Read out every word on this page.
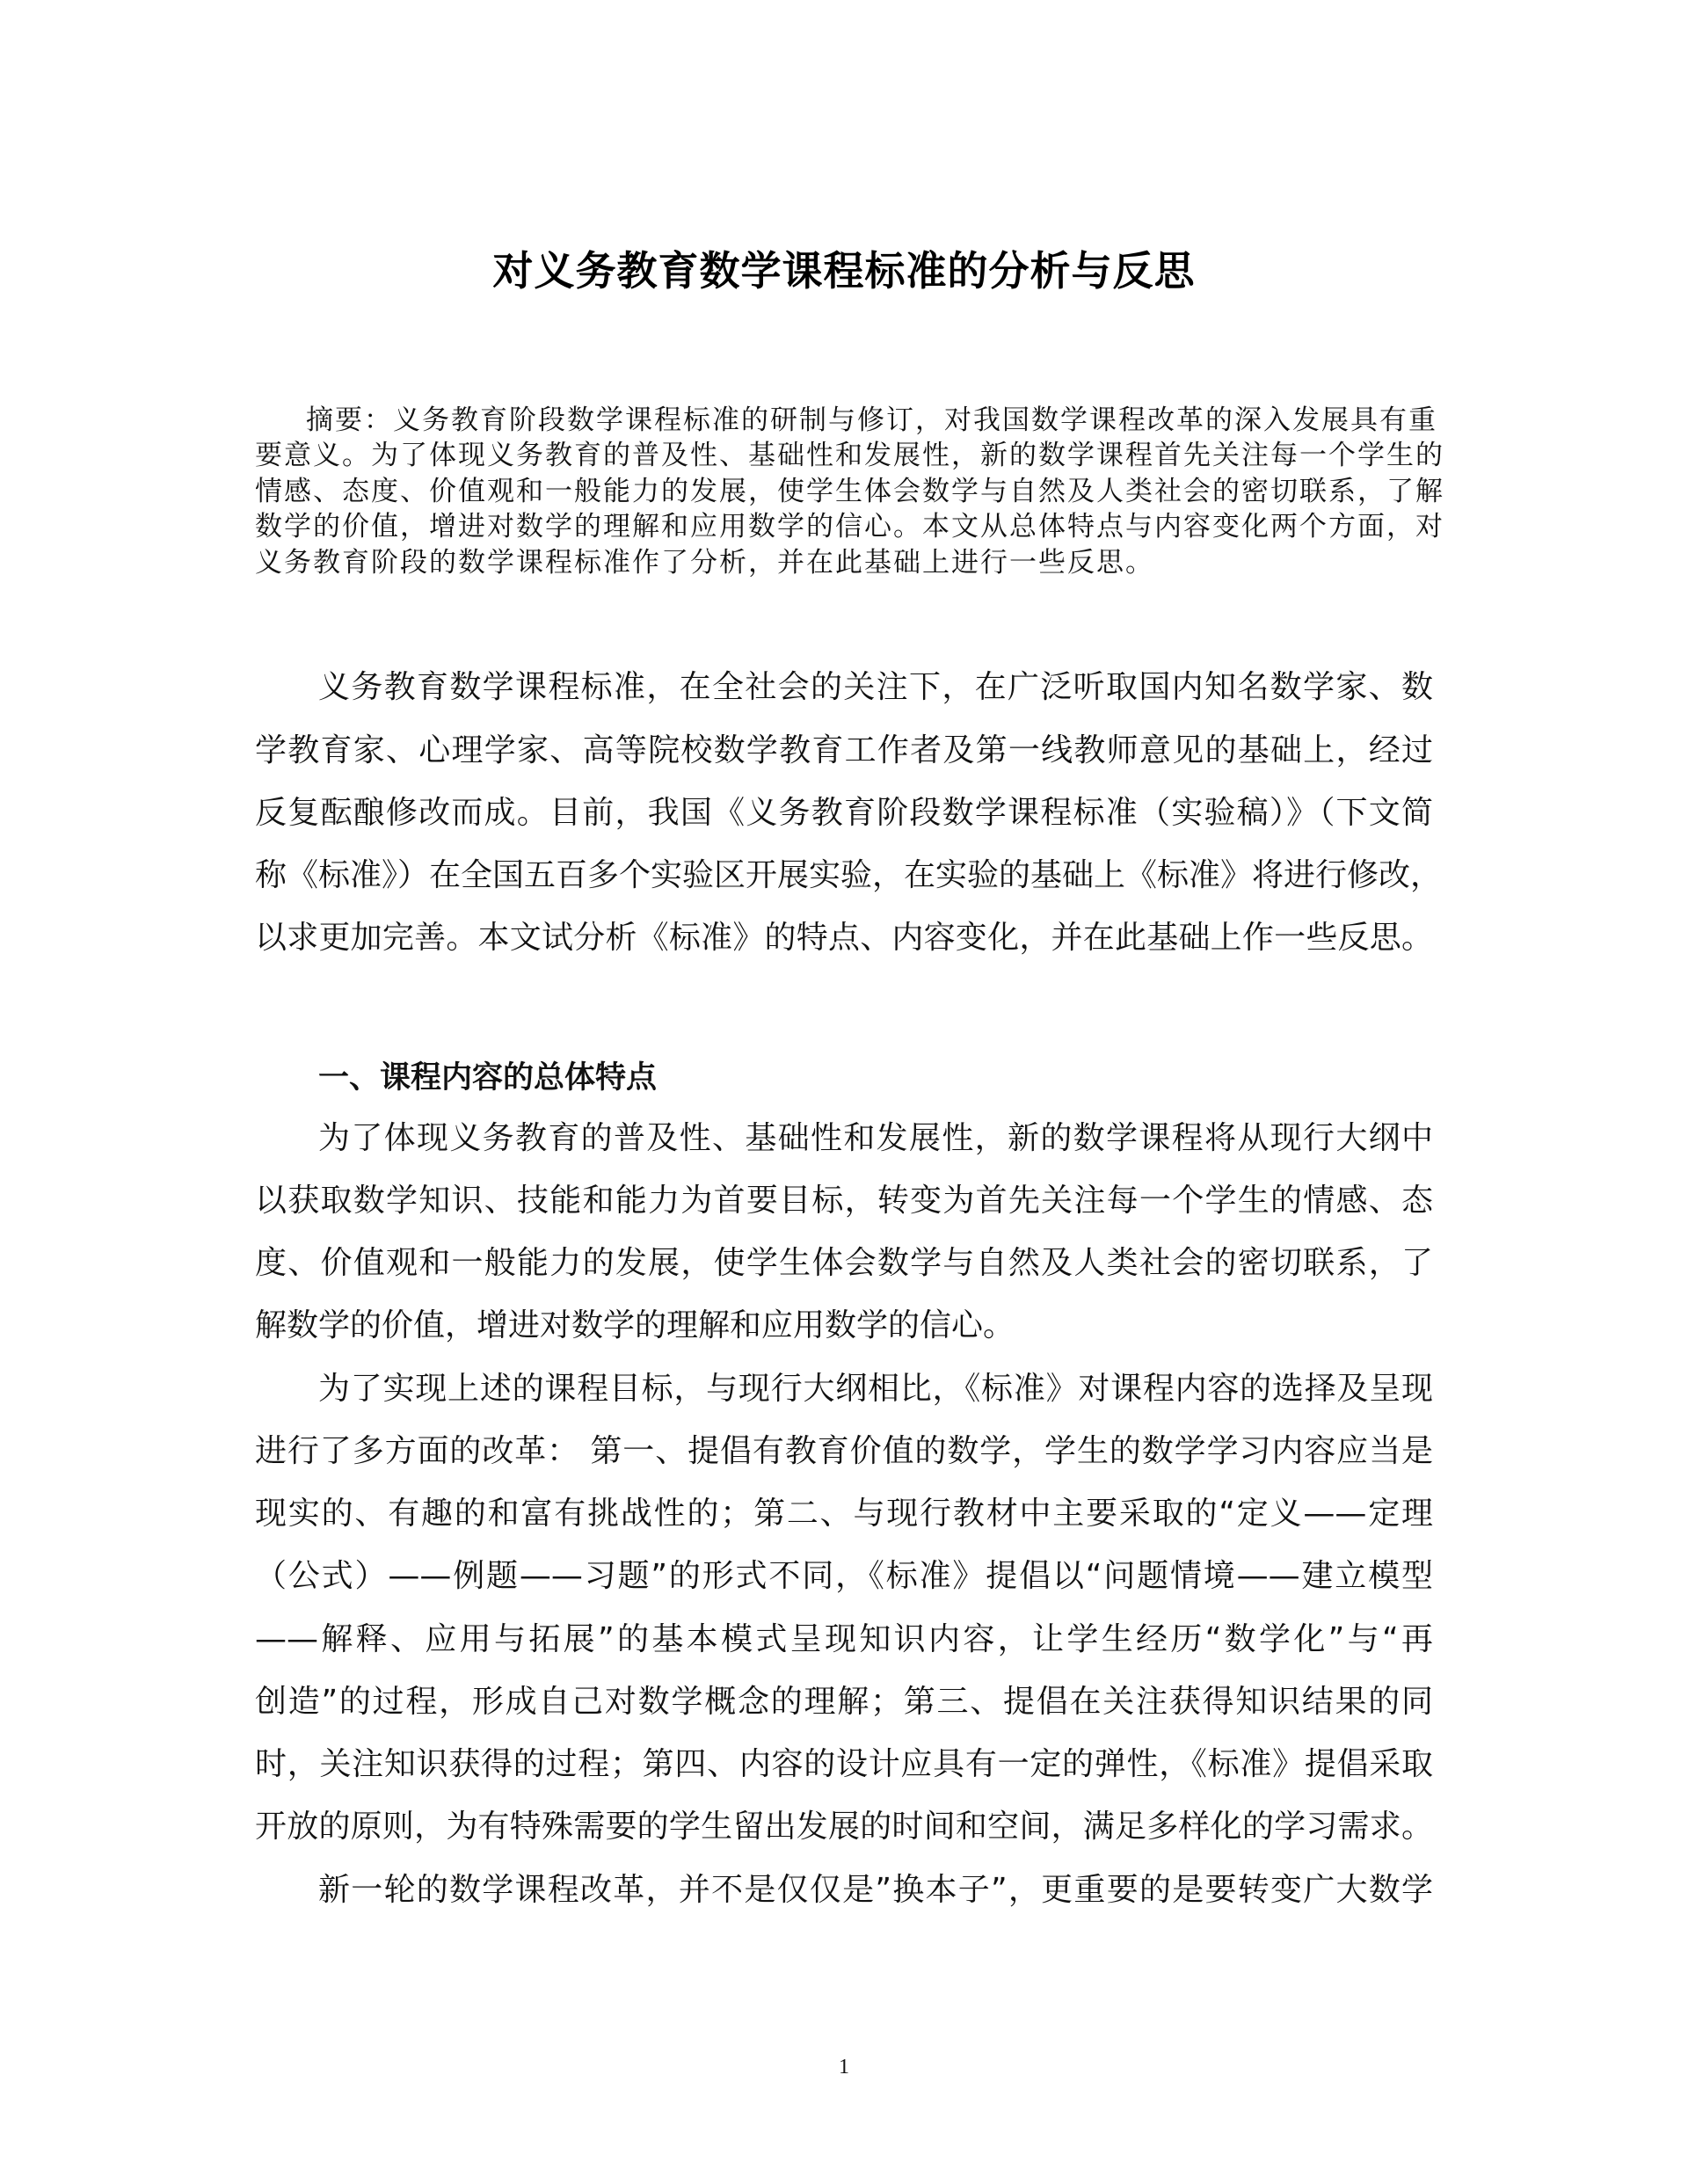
对义务教育数学课程标准的分析与反思
摘要：义务教育阶段数学课程标准的研制与修订，对我国数学课程改革的深入发展具有重
要意义。为了体现义务教育的普及性、基础性和发展性，新的数学课程首先关注每一个学生的
情感、态度、价值观和一般能力的发展，使学生体会数学与自然及人类社会的密切联系，了解
数学的价值，增进对数学的理解和应用数学的信心。本文从总体特点与内容变化两个方面，对
义务教育阶段的数学课程标准作了分析，并在此基础上进行一些反思。
义务教育数学课程标准，在全社会的关注下，在广泛听取国内知名数学家、数
学教育家、心理学家、高等院校数学教育工作者及第一线教师意见的基础上，经过
反复酝酿修改而成。目前，我国《义务教育阶段数学课程标准（实验稿）》（下文简
称《标准》）在全国五百多个实验区开展实验，在实验的基础上《标准》将进行修改，
以求更加完善。本文试分析《标准》的特点、内容变化，并在此基础上作一些反思。
一、课程内容的总体特点
为了体现义务教育的普及性、基础性和发展性，新的数学课程将从现行大纲中
以获取数学知识、技能和能力为首要目标，转变为首先关注每一个学生的情感、态
度、价值观和一般能力的发展，使学生体会数学与自然及人类社会的密切联系，了
解数学的价值，增进对数学的理解和应用数学的信心。
为了实现上述的课程目标，与现行大纲相比，《标准》对课程内容的选择及呈现
进行了多方面的改革： 第一、提倡有教育价值的数学，学生的数学学习内容应当是
现实的、有趣的和富有挑战性的；第二、与现行教材中主要采取的“定义——定理
（公式）——例题——习题”的形式不同，《标准》提倡以“问题情境——建立模型
——解释、应用与拓展”的基本模式呈现知识内容，让学生经历“数学化”与“再
创造”的过程，形成自己对数学概念的理解；第三、提倡在关注获得知识结果的同
时，关注知识获得的过程；第四、内容的设计应具有一定的弹性，《标准》提倡采取
开放的原则，为有特殊需要的学生留出发展的时间和空间，满足多样化的学习需求。
新一轮的数学课程改革，并不是仅仅是”换本子”，更重要的是要转变广大数学
1
